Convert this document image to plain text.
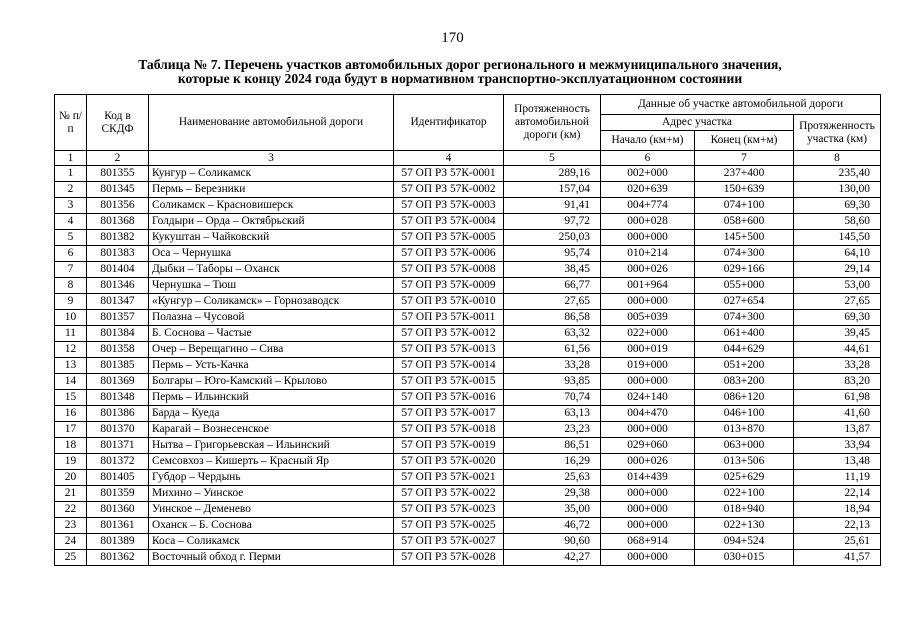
170
Таблица № 7. Перечень участков автомобильных дорог регионального и межмуниципального значения,
которые к концу 2024 года будут в нормативном транспортно-эксплуатационном состоянии
№ п/п	Код в СКДФ	Наименование автомобильной дороги	Идентификатор	Протяженность автомобильной дороги (км)	Данные об участке автомобильной дороги		
					Адрес участка		Протяженность участка (км)
					Начало (км+м)	Конец (км+м)	
1	2	3	4	5	6	7	8
1	801355	Кунгур – Соликамск	57 ОП РЗ 57К-0001	289,16	002+000	237+400	235,40
2	801345	Пермь – Березники	57 ОП РЗ 57К-0002	157,04	020+639	150+639	130,00
3	801356	Соликамск – Красновишерск	57 ОП РЗ 57К-0003	91,41	004+774	074+100	69,30
4	801368	Голдыри – Орда – Октябрьский	57 ОП РЗ 57К-0004	97,72	000+028	058+600	58,60
5	801382	Кукуштан – Чайковский	57 ОП РЗ 57К-0005	250,03	000+000	145+500	145,50
6	801383	Оса – Чернушка	57 ОП РЗ 57К-0006	95,74	010+214	074+300	64,10
7	801404	Дыбки – Таборы – Оханск	57 ОП РЗ 57К-0008	38,45	000+026	029+166	29,14
8	801346	Чернушка – Тюш	57 ОП РЗ 57К-0009	66,77	001+964	055+000	53,00
9	801347	«Кунгур – Соликамск» – Горнозаводск	57 ОП РЗ 57К-0010	27,65	000+000	027+654	27,65
10	801357	Полазна – Чусовой	57 ОП РЗ 57К-0011	86,58	005+039	074+300	69,30
11	801384	Б. Соснова – Частые	57 ОП РЗ 57К-0012	63,32	022+000	061+400	39,45
12	801358	Очер – Верещагино – Сива	57 ОП РЗ 57К-0013	61,56	000+019	044+629	44,61
13	801385	Пермь – Усть-Качка	57 ОП РЗ 57К-0014	33,28	019+000	051+200	33,28
14	801369	Болгары – Юго-Камский – Крылово	57 ОП РЗ 57К-0015	93,85	000+000	083+200	83,20
15	801348	Пермь – Ильинский	57 ОП РЗ 57К-0016	70,74	024+140	086+120	61,98
16	801386	Барда – Куеда	57 ОП РЗ 57К-0017	63,13	004+470	046+100	41,60
17	801370	Карагай – Вознесенское	57 ОП РЗ 57К-0018	23,23	000+000	013+870	13,87
18	801371	Нытва – Григорьевская – Ильинский	57 ОП РЗ 57К-0019	86,51	029+060	063+000	33,94
19	801372	Семсовхоз – Кишерть – Красный Яр	57 ОП РЗ 57К-0020	16,29	000+026	013+506	13,48
20	801405	Губдор – Чердынь	57 ОП РЗ 57К-0021	25,63	014+439	025+629	11,19
21	801359	Михино – Уинское	57 ОП РЗ 57К-0022	29,38	000+000	022+100	22,14
22	801360	Уинское – Деменево	57 ОП РЗ 57К-0023	35,00	000+000	018+940	18,94
23	801361	Оханск – Б. Соснова	57 ОП РЗ 57К-0025	46,72	000+000	022+130	22,13
24	801389	Коса – Соликамск	57 ОП РЗ 57К-0027	90,60	068+914	094+524	25,61
25	801362	Восточный обход г. Перми	57 ОП РЗ 57К-0028	42,27	000+000	030+015	41,57
